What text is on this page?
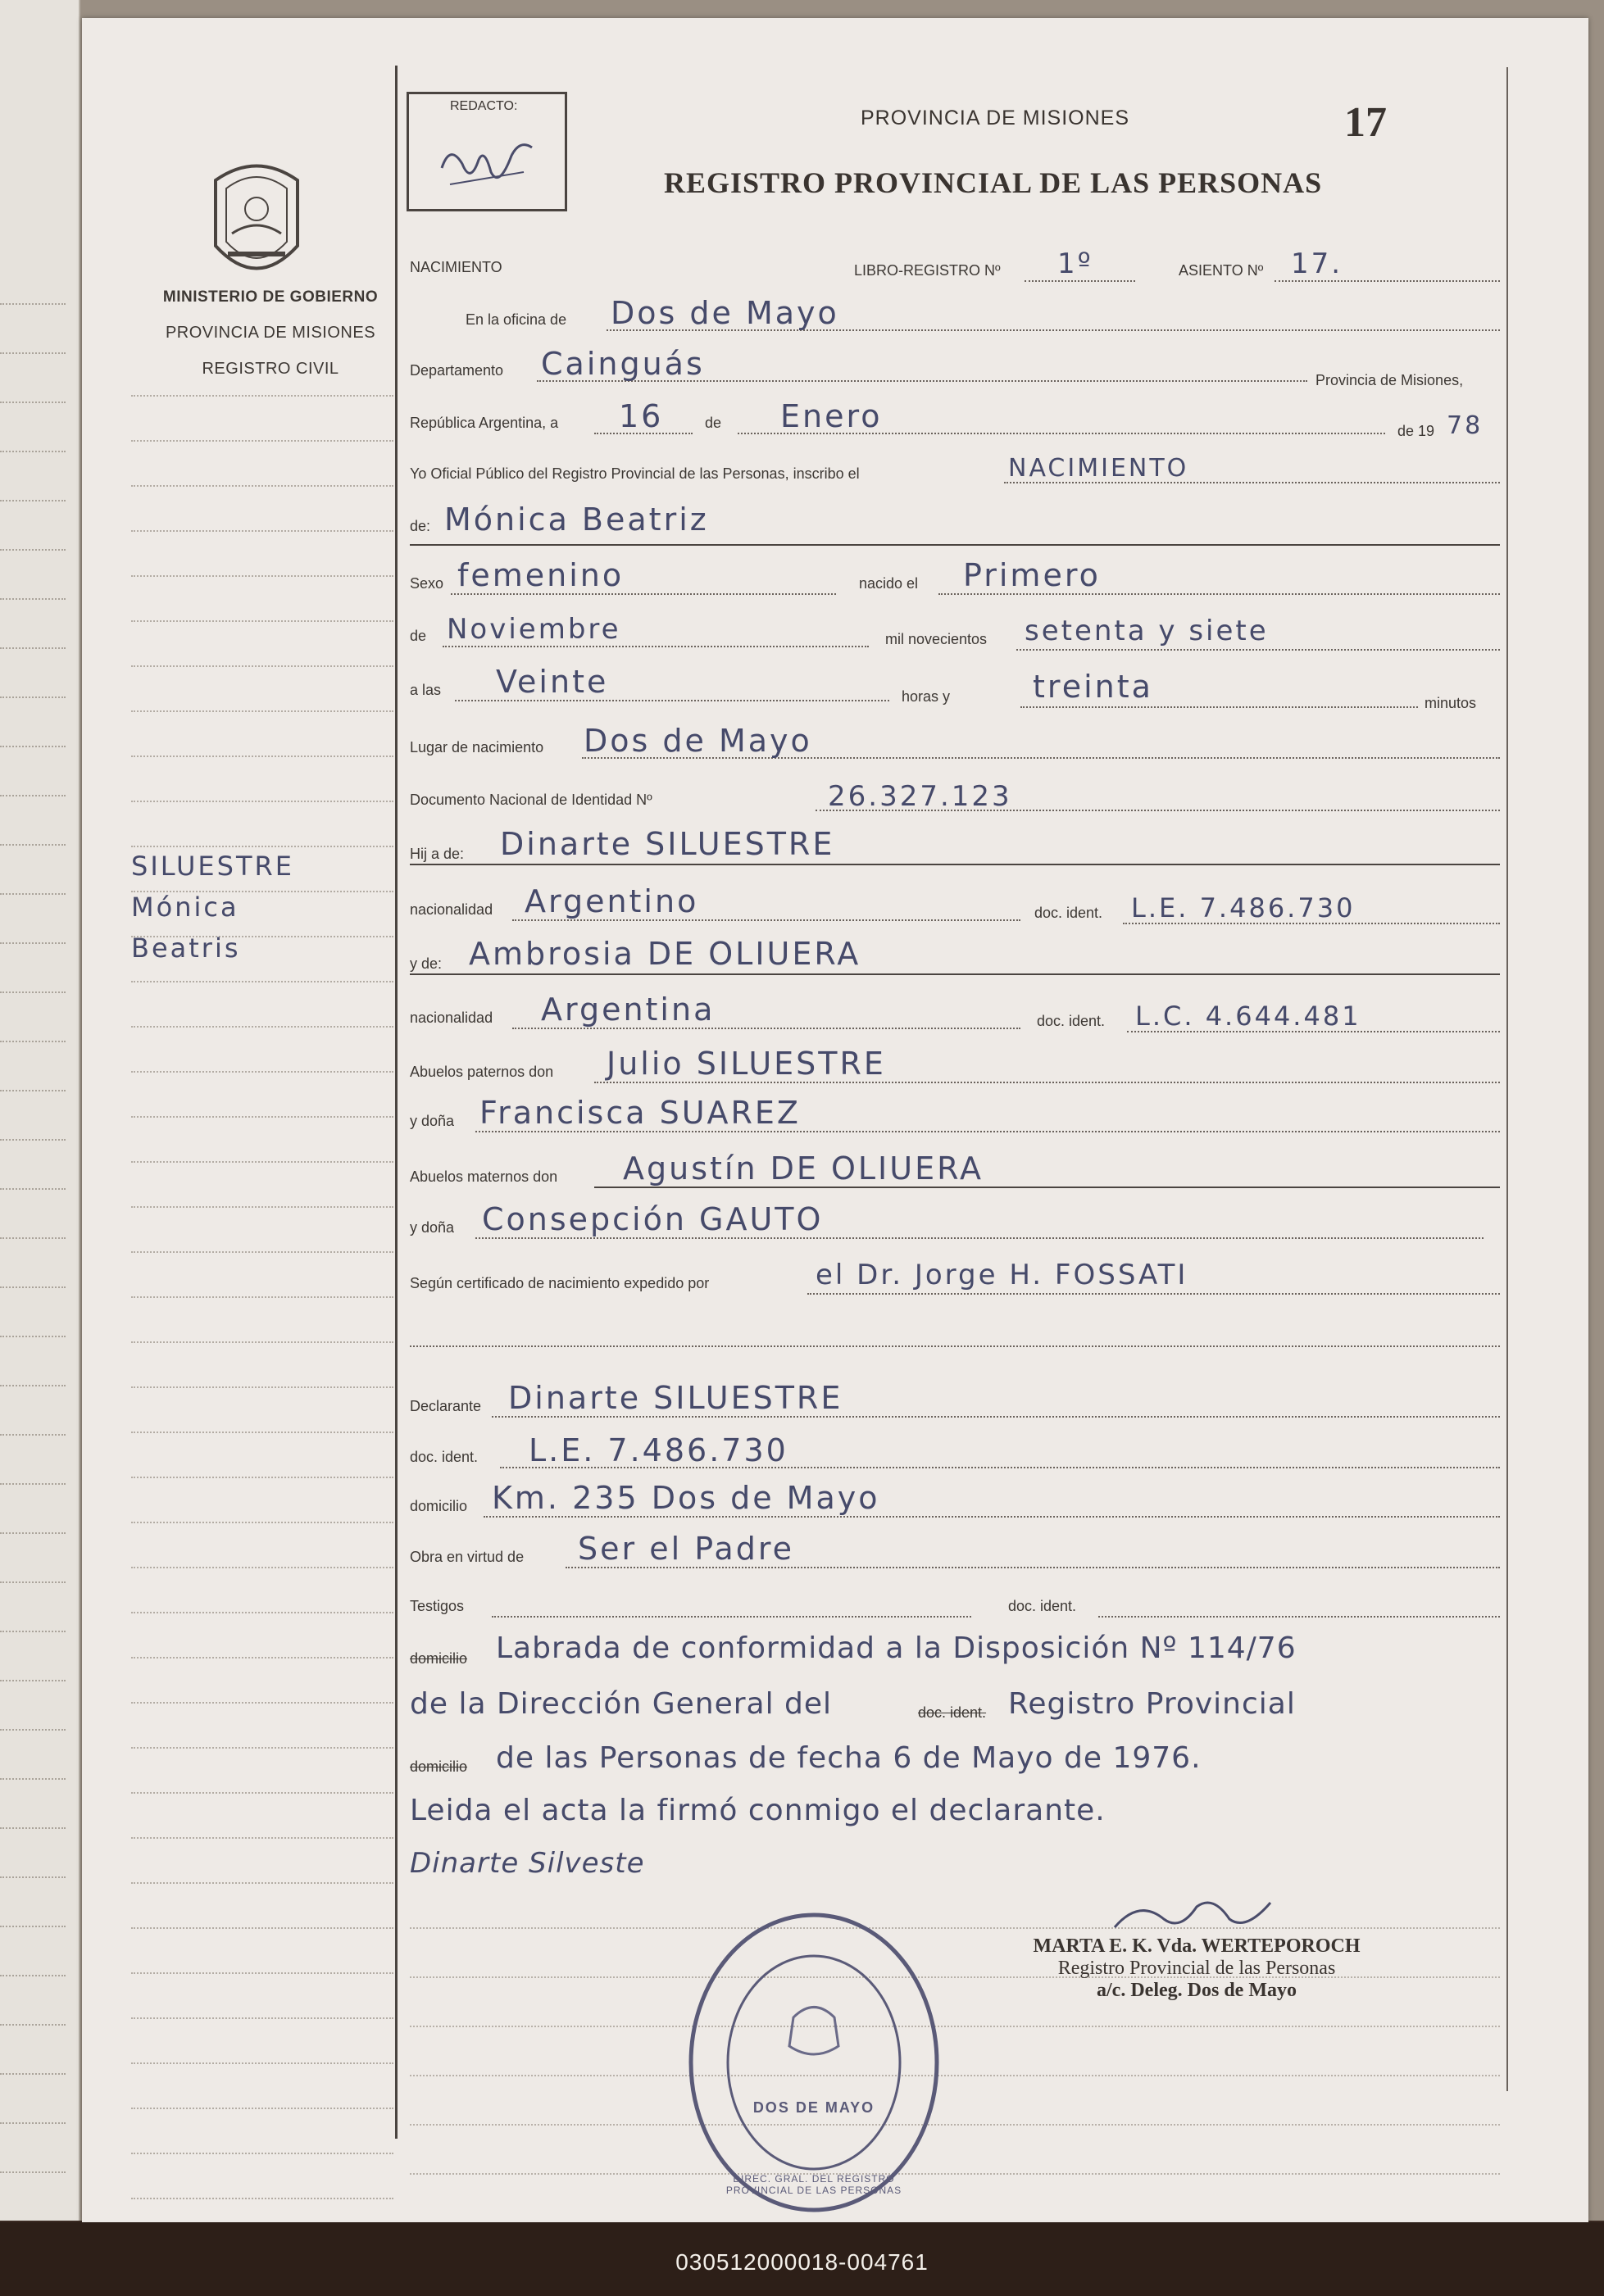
MINISTERIO DE GOBIERNO
PROVINCIA DE MISIONES
REGISTRO CIVIL
SILUESTRE
Mónica
Beatris
REDACTO:
PROVINCIA DE MISIONES
REGISTRO PROVINCIAL DE LAS PERSONAS
17
NACIMIENTO	LIBRO-REGISTRO Nº 1º	ASIENTO Nº 17.
En la oficina de Dos de Mayo
Departamento Cainguás	Provincia de Misiones,
República Argentina, a 16	de Enero	de 19 78
Yo Oficial Público del Registro Provincial de las Personas, inscribo el	NACIMIENTO
de: Mónica Beatriz
Sexo femenino	nacido el Primero
de Noviembre	mil novecientos setenta y siete
a las Veinte	horas y	treinta	minutos
Lugar de nacimiento Dos de Mayo
Documento Nacional de Identidad Nº	26.327.123
Hij a de: Dinarte SILUESTRE
nacionalidad Argentino	doc. ident. L.E. 7.486.730
y de: Ambrosia DE OLIUERA
nacionalidad Argentina	doc. ident. L.C. 4.644.481
Abuelos paternos don Julio SILUESTRE
y doña Francisca SUAREZ
Abuelos maternos don Agustín DE OLIUERA
y doña Consepción GAUTO
Según certificado de nacimiento expedido por	el Dr. Jorge H. FOSSATI
Declarante Dinarte SILUESTRE
doc. ident. L.E. 7.486.730
domicilio Km. 235 Dos de Mayo
Obra en virtud de Ser el Padre
Testigos	doc. ident.
domicilio Labrada de conformidad a la Disposición Nº 114/76
de la Dirección General del	doc. ident. Registro Provincial
domicilio de las Personas de fecha 6 de Mayo de 1976.
Leida el acta la firmó conmigo el declarante.
Dinarte Silveste
DOS DE MAYO
DIREC. GRAL. DEL REGISTRO PROVINCIAL DE LAS PERSONAS
MARTA E. K. Vda. WERTEPOROCH
Registro Provincial de las Personas
a/c. Deleg. Dos de Mayo
030512000018-004761
